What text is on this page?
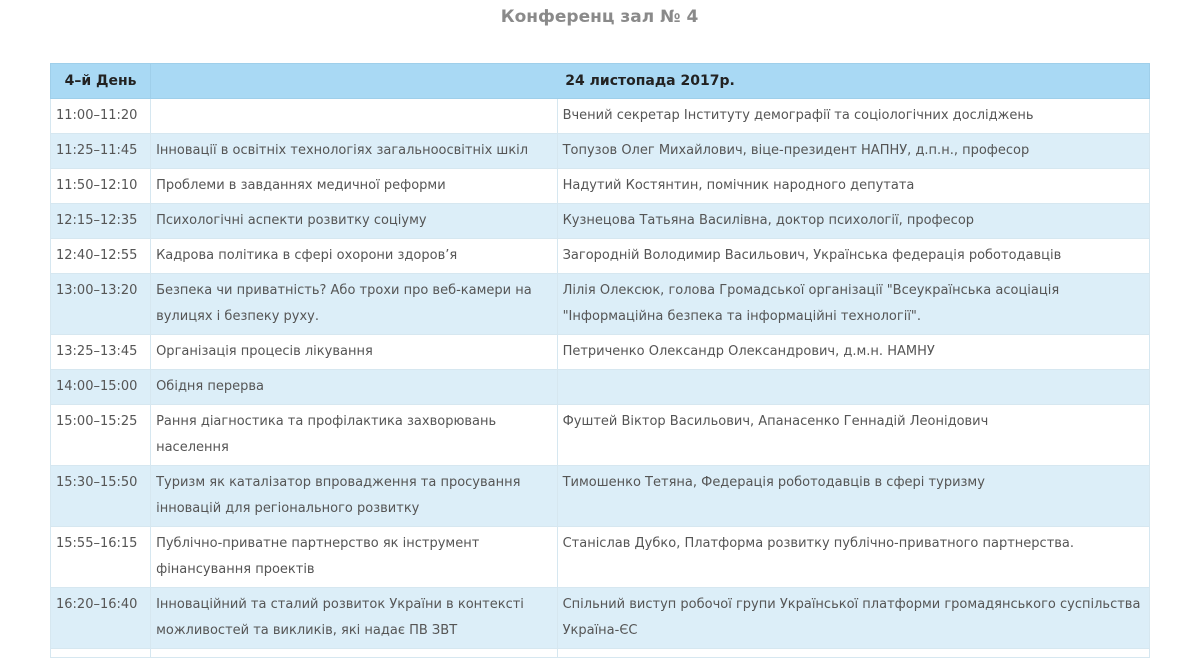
Конференц зал № 4
4–й День	24 листопада 2017р.	
11:00–11:20		Вчений секретар Інституту демографії та соціологічних досліджень
11:25–11:45	Інновації в освітніх технологіях загальноосвітніх шкіл	Топузов Олег Михайлович, віце-президент НАПНУ, д.п.н., професор
11:50–12:10	Проблеми в завданнях медичної реформи	Надутий Костянтин, помічник народного депутата
12:15–12:35	Психологічні аспекти розвитку соціуму	Кузнецова Татьяна Василівна, доктор психології, професор
12:40–12:55	Кадрова політика в сфері охорони здоров’я	Загородній Володимир Васильович, Українська федерація роботодавців
13:00–13:20	Безпека чи приватність? Або трохи про веб-камери на вулицях і безпеку руху.	Лілія Олексюк, голова Громадської організації "Всеукраїнська асоціація "Інформаційна безпека та інформаційні технології".
13:25–13:45	Організація процесів лікування	Петриченко Олександр Олександрович, д.м.н. НАМНУ
14:00–15:00	Обідня перерва	
15:00–15:25	Рання діагностика та профілактика захворювань населення	Фуштей Віктор Васильович, Апанасенко Геннадій Леонідович
15:30–15:50	Туризм як каталізатор впровадження та просування інновацій для регіонального розвитку	Тимошенко Тетяна, Федерація роботодавців в сфері туризму
15:55–16:15	Публічно-приватне партнерство як інструмент фінансування проектів	Станіслав Дубко, Платформа розвитку публічно-приватного партнерства.
16:20–16:40	Інноваційний та сталий розвиток України в контексті можливостей та викликів, які надає ПВ ЗВТ	Спільний виступ робочої групи Української платформи громадянського суспільства Україна-ЄС
